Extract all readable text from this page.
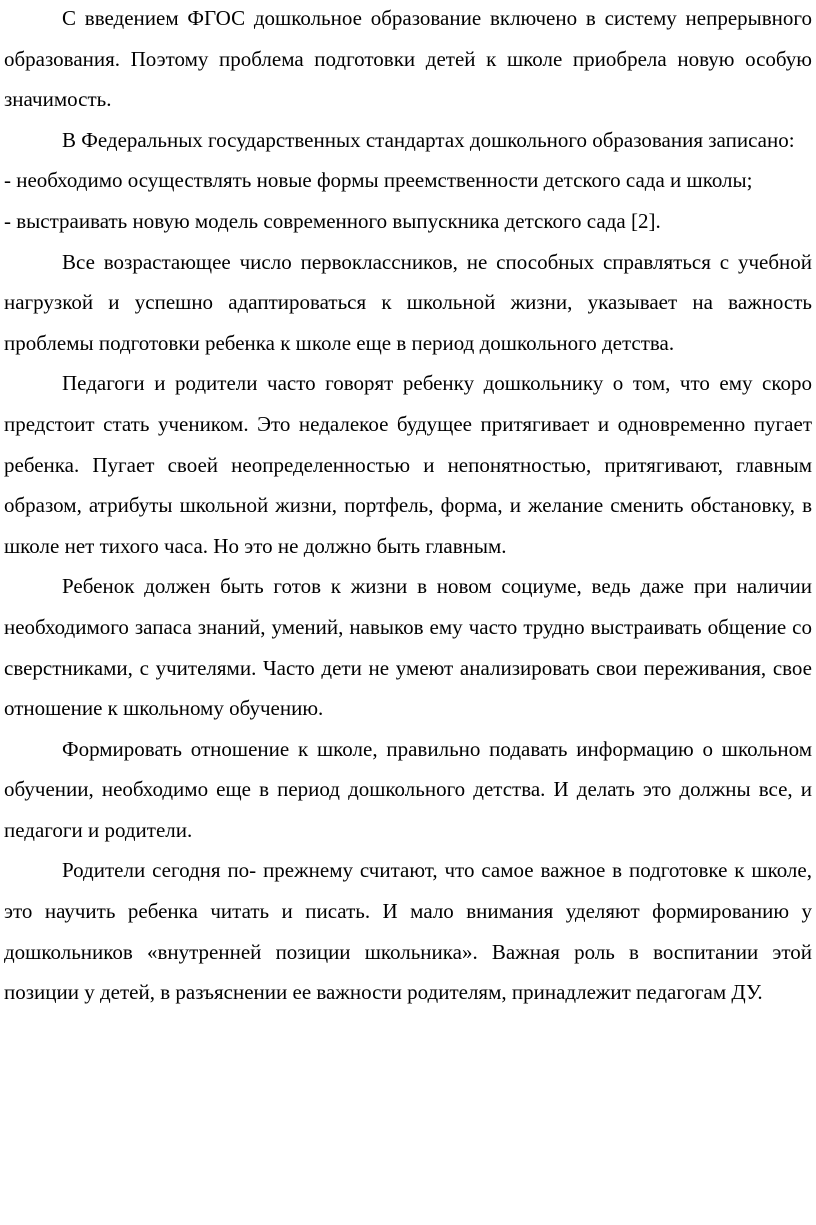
С введением ФГОС дошкольное образование включено в систему непрерывного образования. Поэтому проблема подготовки детей к школе приобрела новую особую значимость.

В Федеральных государственных стандартах дошкольного образования записано:

- необходимо осуществлять новые формы преемственности детского сада и школы;

- выстраивать новую модель современного выпускника детского сада [2].

Все возрастающее число первоклассников, не способных справляться с учебной нагрузкой и успешно адаптироваться к школьной жизни, указывает на важность проблемы подготовки ребенка к школе еще в период дошкольного детства.

Педагоги и родители часто говорят ребенку дошкольнику о том, что ему скоро предстоит стать учеником. Это недалекое будущее притягивает и одновременно пугает ребенка. Пугает своей неопределенностью и непонятностью, притягивают, главным образом, атрибуты школьной жизни, портфель, форма, и желание сменить обстановку, в школе нет тихого часа. Но это не должно быть главным.

Ребенок должен быть готов к жизни в новом социуме, ведь даже при наличии необходимого запаса знаний, умений, навыков ему часто трудно выстраивать общение со сверстниками, с учителями. Часто дети не умеют анализировать свои переживания, свое отношение к школьному обучению.

Формировать отношение к школе, правильно подавать информацию о школьном обучении, необходимо еще в период дошкольного детства. И делать это должны все, и педагоги и родители.

Родители сегодня по- прежнему считают, что самое важное в подготовке к школе, это научить ребенка читать и писать. И мало внимания уделяют формированию у дошкольников «внутренней позиции школьника». Важная роль в воспитании этой позиции у детей, в разъяснении ее важности родителям, принадлежит педагогам ДУ.
